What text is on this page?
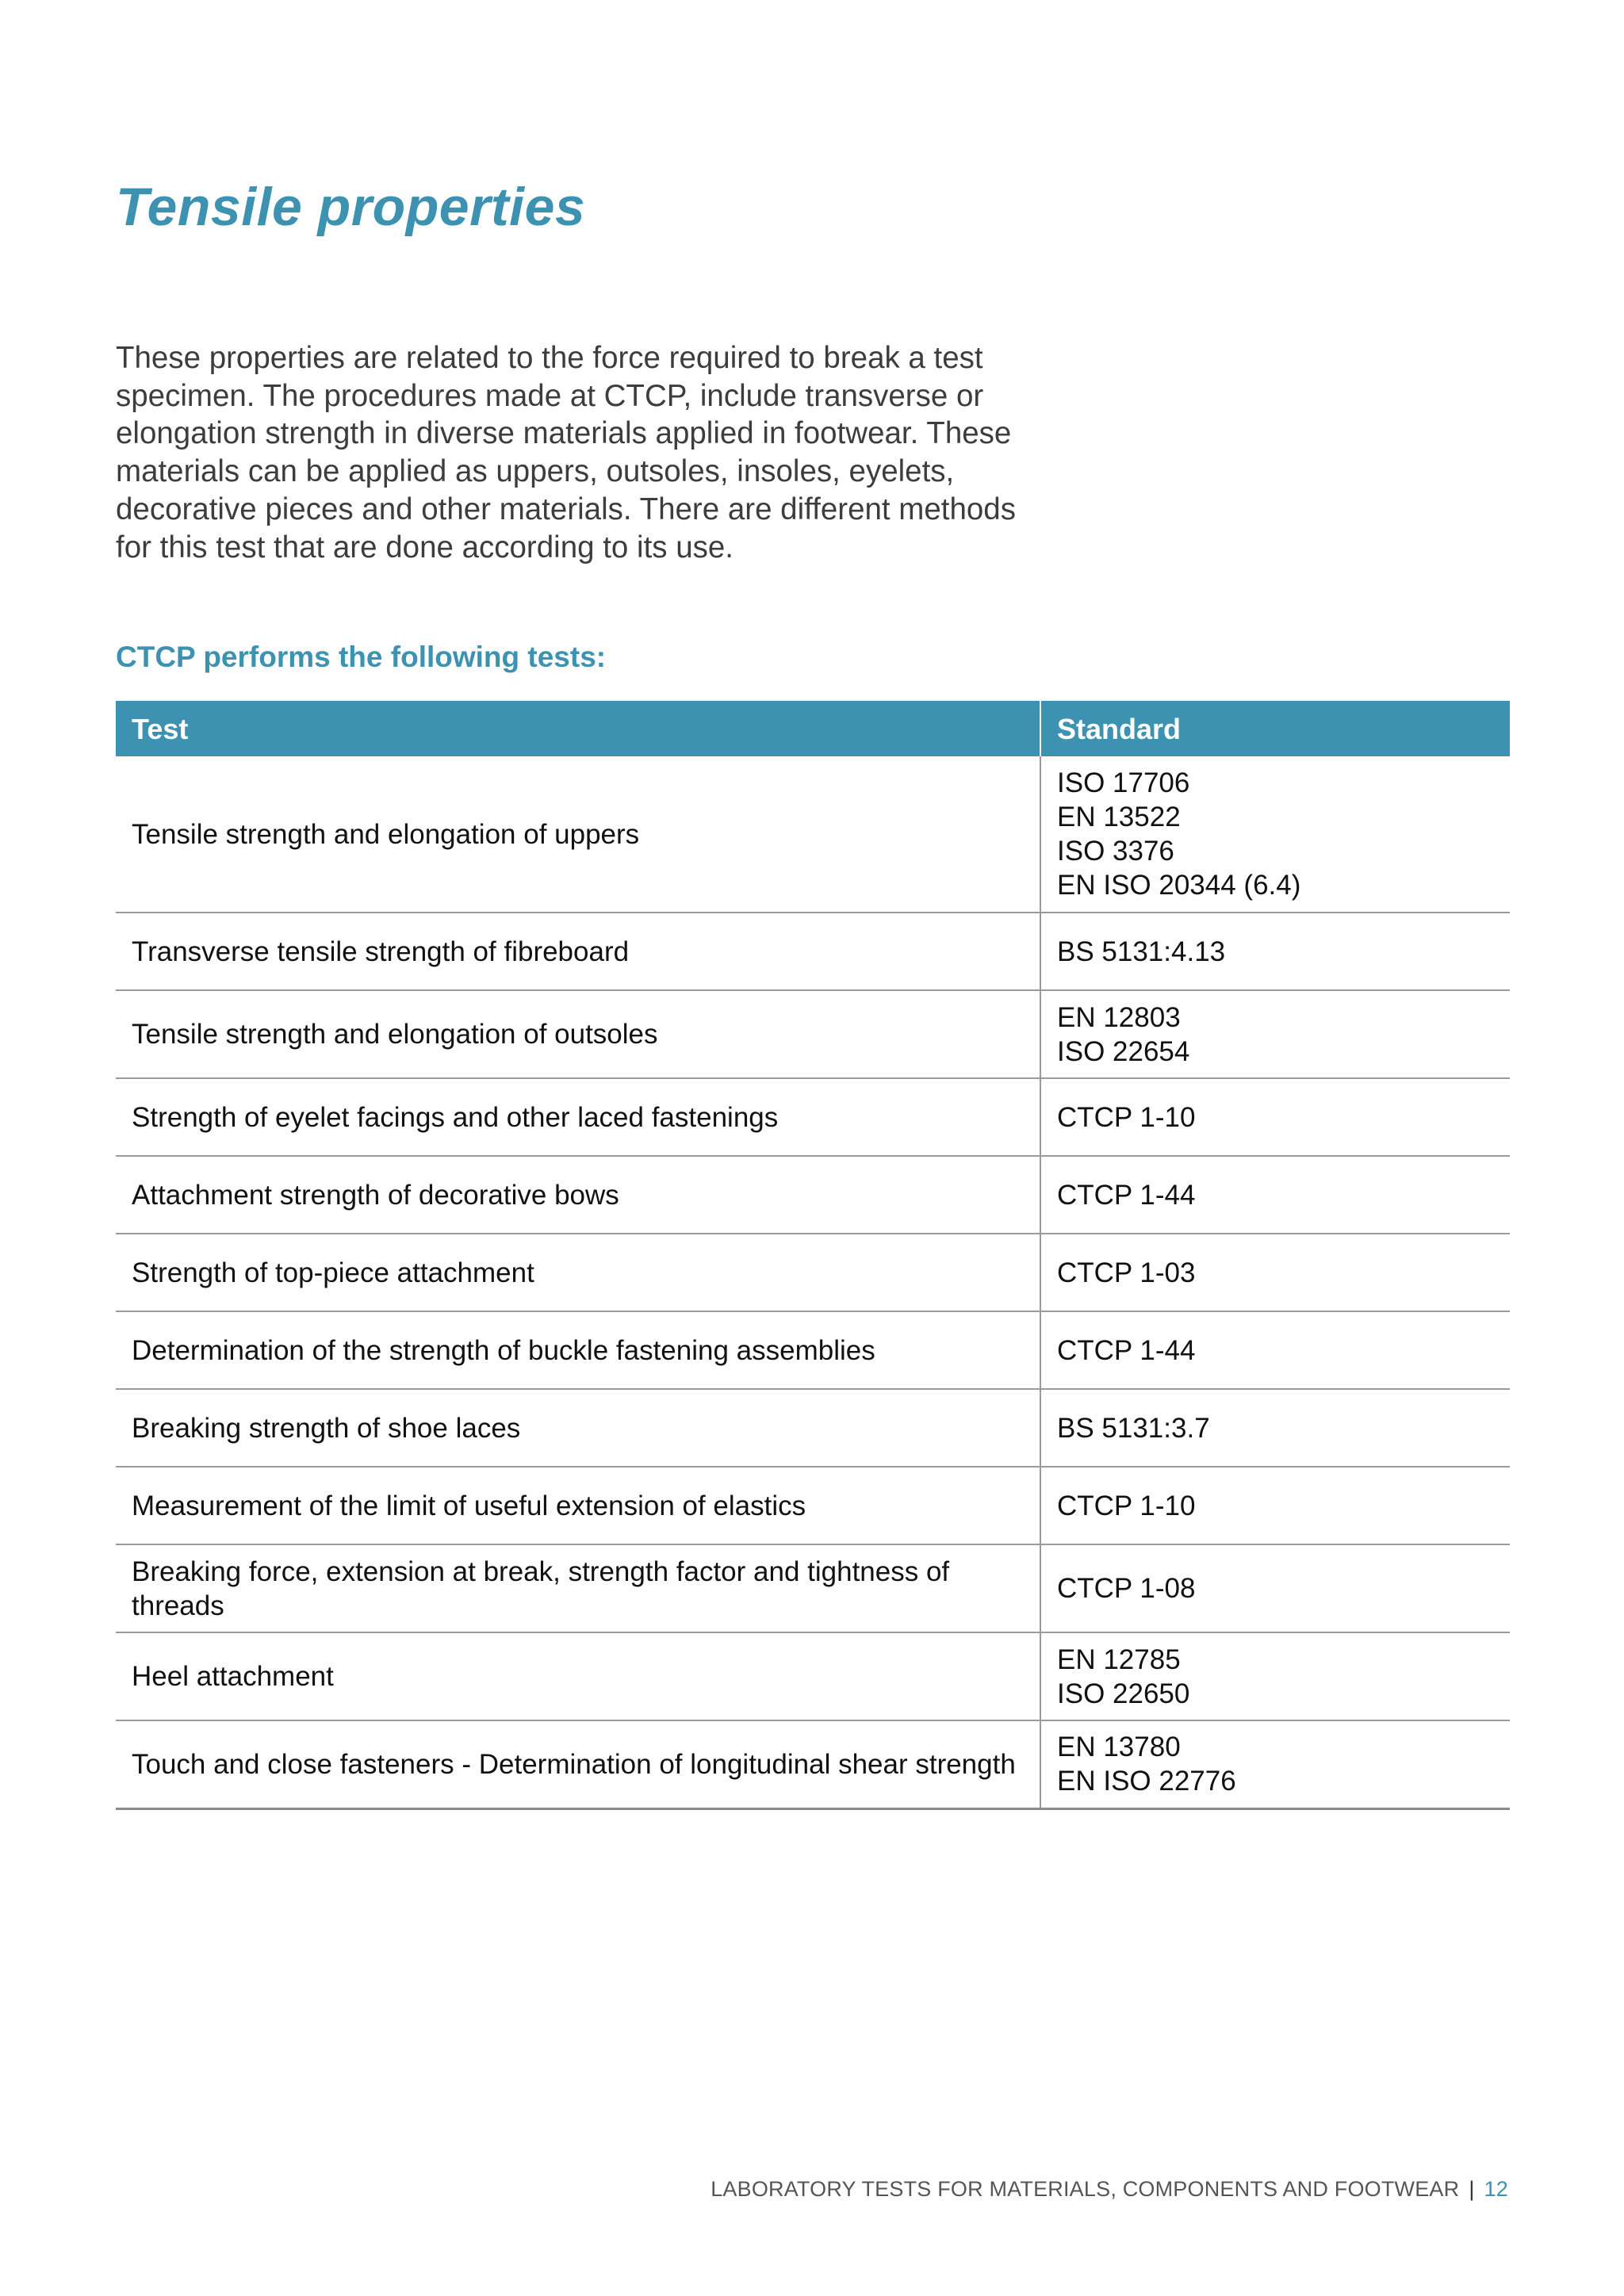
Tensile properties

These properties are related to the force required to break a test specimen. The procedures made at CTCP, include transverse or elongation strength in diverse materials applied in footwear. These materials can be applied as uppers, outsoles, insoles, eyelets, decorative pieces and other materials. There are different methods for this test that are done according to its use.

CTCP performs the following tests:
Test	Standard
Tensile strength and elongation of uppers	ISO 17706
EN 13522
ISO 3376
EN ISO 20344 (6.4)

Transverse tensile strength of fibreboard	BS 5131:4.13

Tensile strength and elongation of outsoles	EN 12803
ISO 22654

Strength of eyelet facings and other laced fastenings	CTCP 1-10

Attachment strength of decorative bows	CTCP 1-44

Strength of top-piece attachment	CTCP 1-03

Determination of the strength of buckle fastening assemblies	CTCP 1-44

Breaking strength of shoe laces	BS 5131:3.7

Measurement of the limit of useful extension of elastics	CTCP 1-10

Breaking force, extension at break, strength factor and tightness of threads	CTCP 1-08

Heel attachment	EN 12785
ISO 22650

Touch and close fasteners - Determination of longitudinal shear strength	EN 13780
EN ISO 22776
LABORATORY TESTS FOR MATERIALS, COMPONENTS AND FOOTWEAR | 12
